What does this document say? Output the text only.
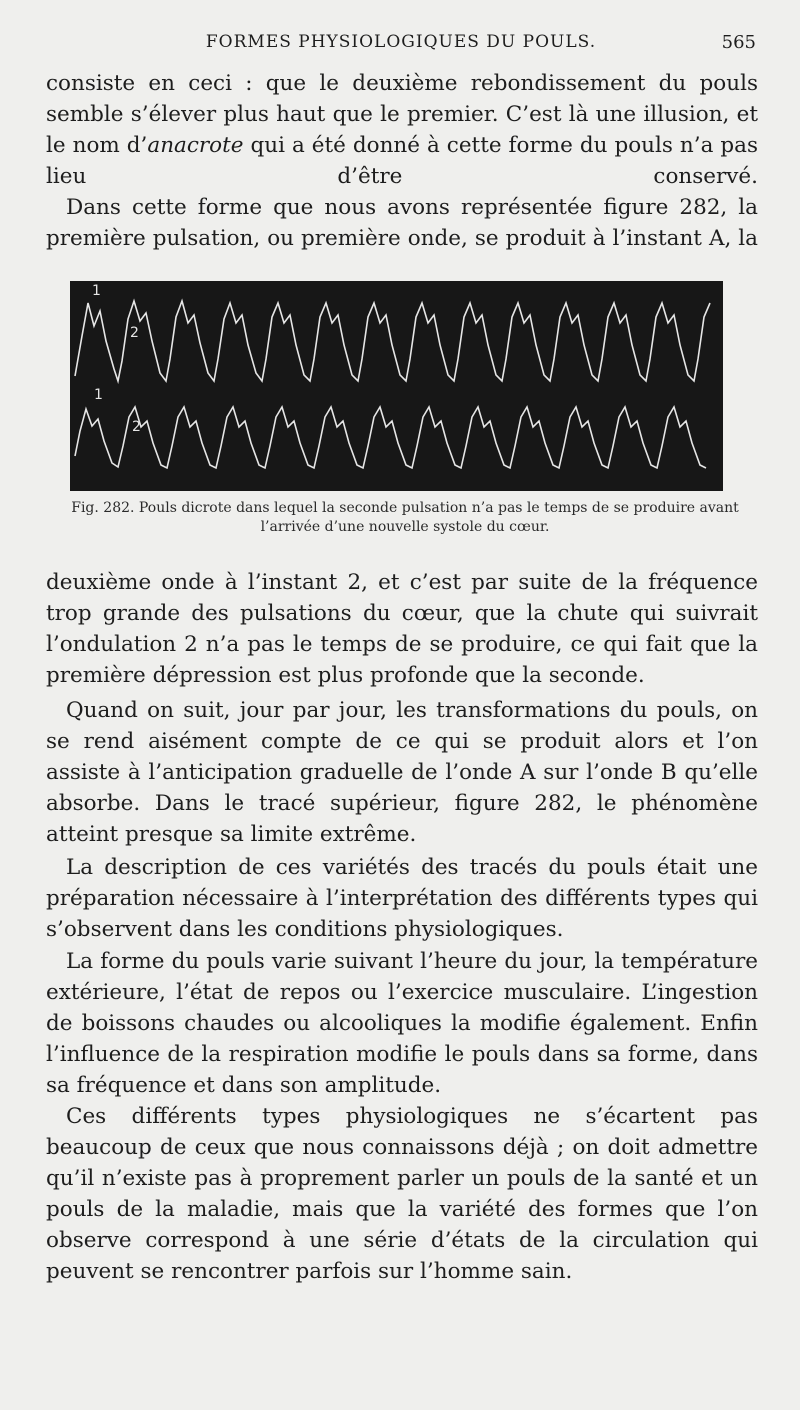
FORMES PHYSIOLOGIQUES DU POULS.	565

consiste en ceci : que le deuxième rebondissement du pouls semble s’élever plus haut que le premier. C’est là une illusion, et le nom d’anacrote qui a été donné à cette forme du pouls n’a pas lieu d’être conservé.

Dans cette forme que nous avons représentée figure 282, la première pulsation, ou première onde, se produit à l’instant A, la

1
2
1
2
Fig. 282. Pouls dicrote dans lequel la seconde pulsation n’a pas le temps de se produire avant l’arrivée d’une nouvelle systole du cœur.

deuxième onde à l’instant 2, et c’est par suite de la fréquence trop grande des pulsations du cœur, que la chute qui suivrait l’ondulation 2 n’a pas le temps de se produire, ce qui fait que la première dépression est plus profonde que la seconde.

Quand on suit, jour par jour, les transformations du pouls, on se rend aisément compte de ce qui se produit alors et l’on assiste à l’anticipation graduelle de l’onde A sur l’onde B qu’elle absorbe. Dans le tracé supérieur, figure 282, le phénomène atteint presque sa limite extrême.

La description de ces variétés des tracés du pouls était une préparation nécessaire à l’interprétation des différents types qui s’observent dans les conditions physiologiques.

La forme du pouls varie suivant l’heure du jour, la température extérieure, l’état de repos ou l’exercice musculaire. L’ingestion de boissons chaudes ou alcooliques la modifie également. Enfin l’influence de la respiration modifie le pouls dans sa forme, dans sa fréquence et dans son amplitude.

Ces différents types physiologiques ne s’écartent pas beaucoup de ceux que nous connaissons déjà ; on doit admettre qu’il n’existe pas à proprement parler un pouls de la santé et un pouls de la maladie, mais que la variété des formes que l’on observe correspond à une série d’états de la circulation qui peuvent se rencontrer parfois sur l’homme sain.
